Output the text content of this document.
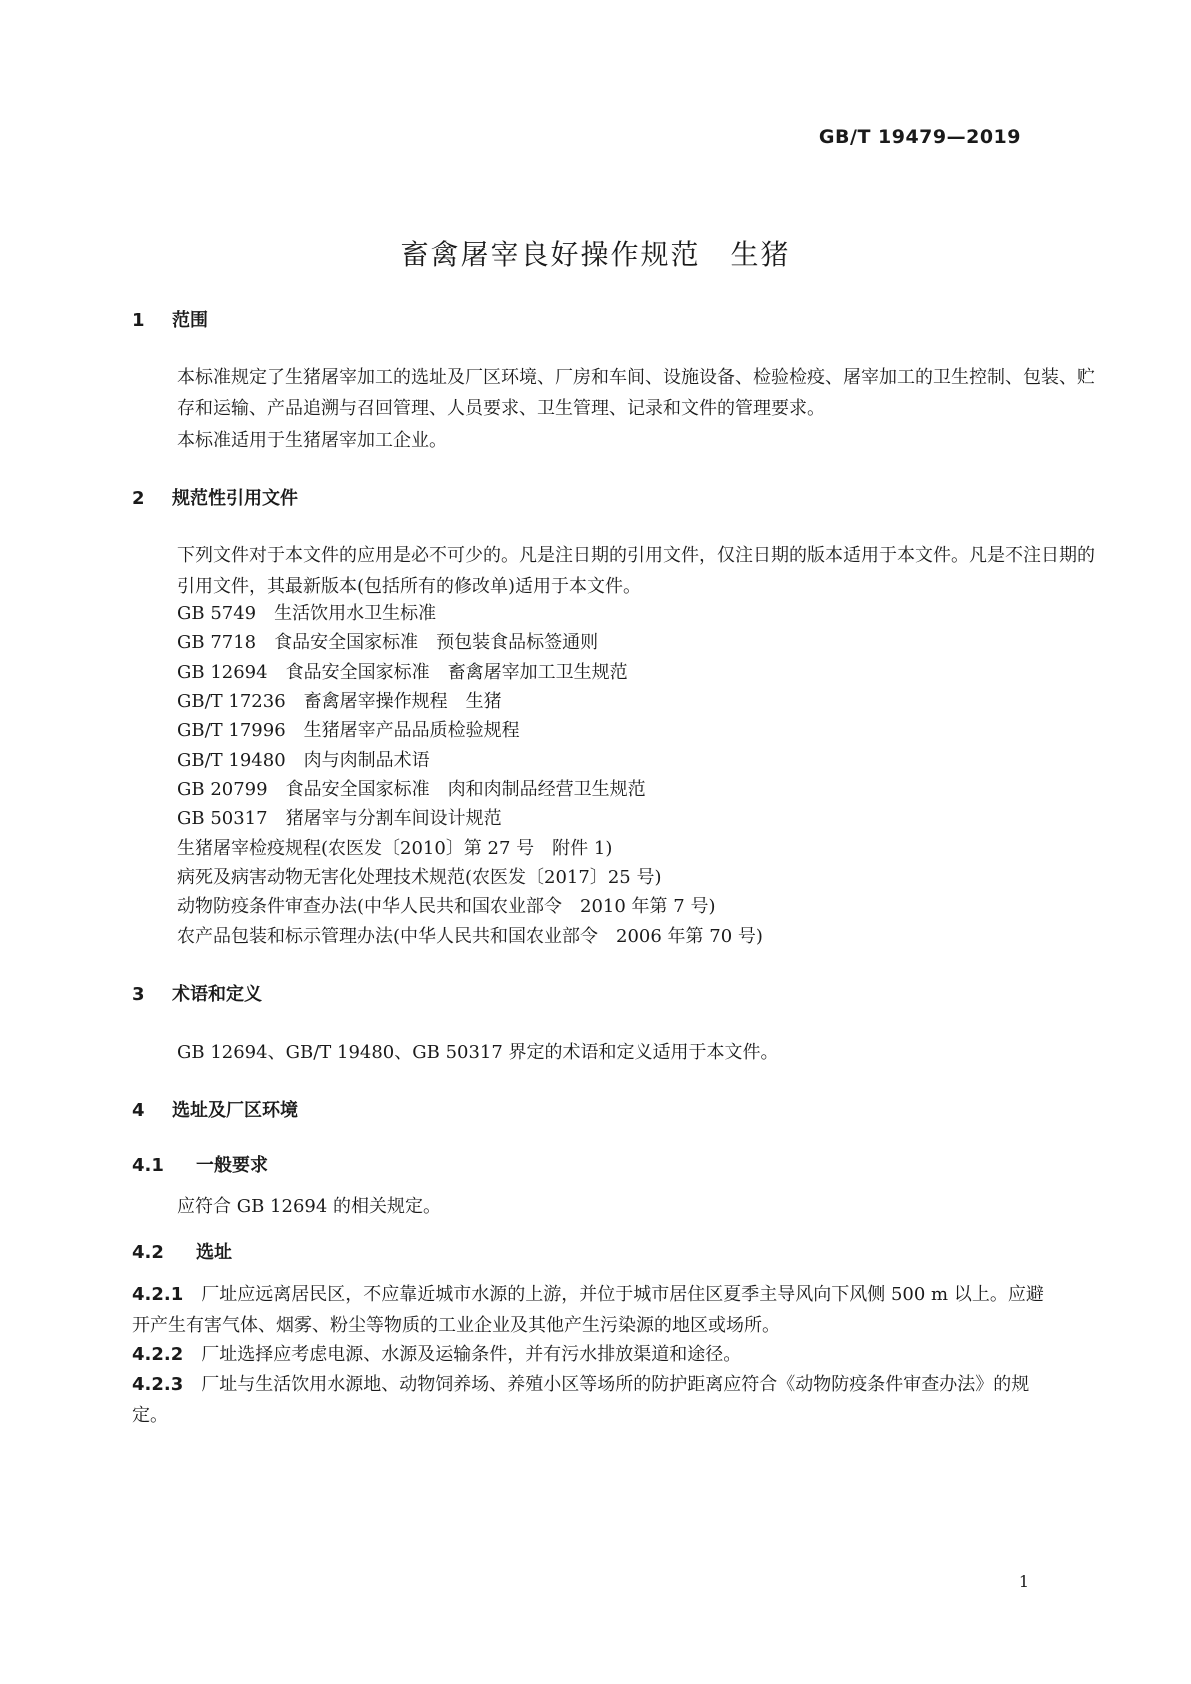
GB/T 19479—2019
畜禽屠宰良好操作规范　生猪
1 范围
本标准规定了生猪屠宰加工的选址及厂区环境、厂房和车间、设施设备、检验检疫、屠宰加工的卫生控制、包装、贮存和运输、产品追溯与召回管理、人员要求、卫生管理、记录和文件的管理要求。
本标准适用于生猪屠宰加工企业。
2 规范性引用文件
下列文件对于本文件的应用是必不可少的。凡是注日期的引用文件，仅注日期的版本适用于本文件。凡是不注日期的引用文件，其最新版本(包括所有的修改单)适用于本文件。
GB 5749　生活饮用水卫生标准
GB 7718　食品安全国家标准　预包装食品标签通则
GB 12694　食品安全国家标准　畜禽屠宰加工卫生规范
GB/T 17236　畜禽屠宰操作规程　生猪
GB/T 17996　生猪屠宰产品品质检验规程
GB/T 19480　肉与肉制品术语
GB 20799　食品安全国家标准　肉和肉制品经营卫生规范
GB 50317　猪屠宰与分割车间设计规范
生猪屠宰检疫规程(农医发〔2010〕第 27 号　附件 1)
病死及病害动物无害化处理技术规范(农医发〔2017〕25 号)
动物防疫条件审查办法(中华人民共和国农业部令　2010 年第 7 号)
农产品包装和标示管理办法(中华人民共和国农业部令　2006 年第 70 号)
3 术语和定义
GB 12694、GB/T 19480、GB 50317 界定的术语和定义适用于本文件。
4 选址及厂区环境
4.1 一般要求
应符合 GB 12694 的相关规定。
4.2 选址
4.2.1 厂址应远离居民区，不应靠近城市水源的上游，并位于城市居住区夏季主导风向下风侧 500 m 以上。应避开产生有害气体、烟雾、粉尘等物质的工业企业及其他产生污染源的地区或场所。
4.2.2 厂址选择应考虑电源、水源及运输条件，并有污水排放渠道和途径。
4.2.3 厂址与生活饮用水源地、动物饲养场、养殖小区等场所的防护距离应符合《动物防疫条件审查办法》的规定。
1
